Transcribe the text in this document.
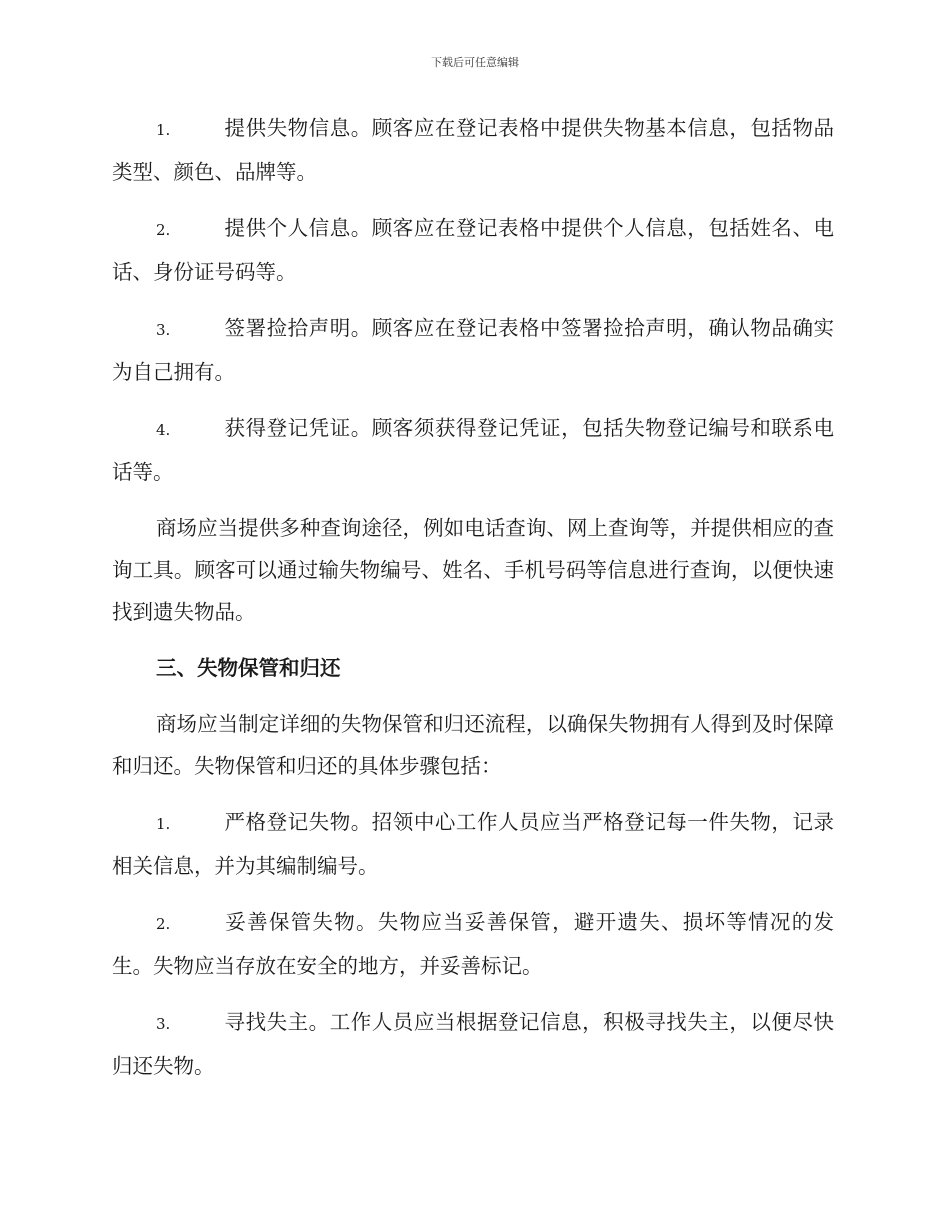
下载后可任意编辑
1.	提供失物信息。顾客应在登记表格中提供失物基本信息，包括物品类型、颜色、品牌等。
2.	提供个人信息。顾客应在登记表格中提供个人信息，包括姓名、电话、身份证号码等。
3.	签署捡拾声明。顾客应在登记表格中签署捡拾声明，确认物品确实为自己拥有。
4.	获得登记凭证。顾客须获得登记凭证，包括失物登记编号和联系电话等。

商场应当提供多种查询途径，例如电话查询、网上查询等，并提供相应的查询工具。顾客可以通过输失物编号、姓名、手机号码等信息进行查询，以便快速找到遗失物品。

三、失物保管和归还

商场应当制定详细的失物保管和归还流程，以确保失物拥有人得到及时保障和归还。失物保管和归还的具体步骤包括：

1.	严格登记失物。招领中心工作人员应当严格登记每一件失物，记录相关信息，并为其编制编号。
2.	妥善保管失物。失物应当妥善保管，避开遗失、损坏等情况的发生。失物应当存放在安全的地方，并妥善标记。
3.	寻找失主。工作人员应当根据登记信息，积极寻找失主，以便尽快归还失物。
